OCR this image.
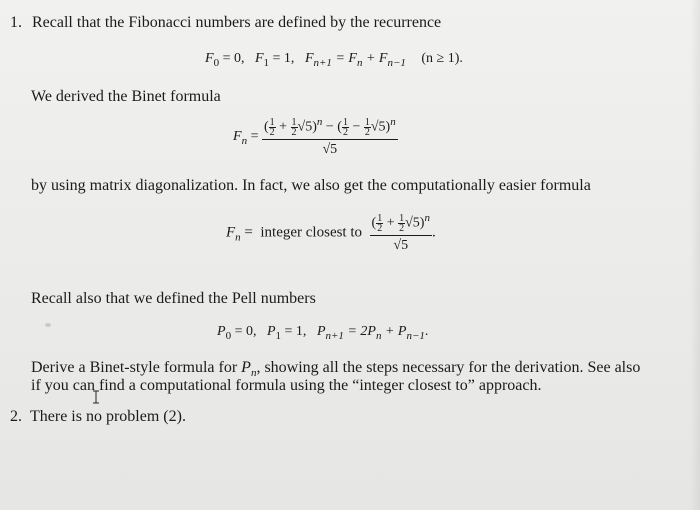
1. Recall that the Fibonacci numbers are defined by the recurrence
$F_0 = 0$,   $F_1 = 1$,   $F_{n+1} = F_n + F_{n-1}$ (n ≥ 1).
We derived the Binet formula
$F_n = \frac{( \frac{1}{2} + \frac{1}{2} √5)^n - ( \frac{1}{2} - \frac{1}{2} √5)^n}{√5}$
by using matrix diagonalization. In fact, we also get the computationally easier formula
$F_n$ =  integer closest to $\frac{( \frac{1}{2} + \frac{1}{2} √5)^n}{√5}$ .
Recall also that we defined the Pell numbers
$P_0 = 0$,   $P_1 = 1$,   $P_{n+1} = 2P_n + P_{n-1}$.
Derive a Binet-style formula for $P_n$, showing all the steps necessary for the derivation. See also
if you can find a computational formula using the “integer closest to” approach.
2. There is no problem (2).
